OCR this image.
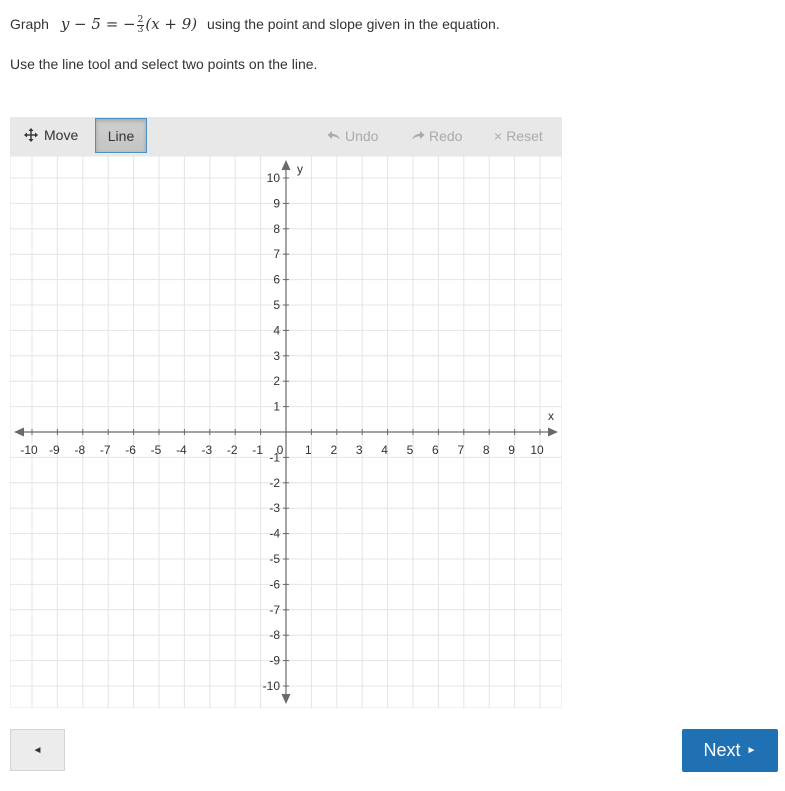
Graph y − 5 = − $\frac{2}{3} (x + 9)$ using the point and slope given in the equation.
Use the line tool and select two points on the line.
Move Line	Undo	Redo × Reset
x
y
-10 -9 -8 -7 -6 -5 -4 -3 -2 -1 0 1 2 3 4 5 6 7 8 9 10
10
9
8
7
6
5
4
3
2
1
-1
-2
-3
-4
-5
-6
-7
-8
-9
-10
◄	Next ►
